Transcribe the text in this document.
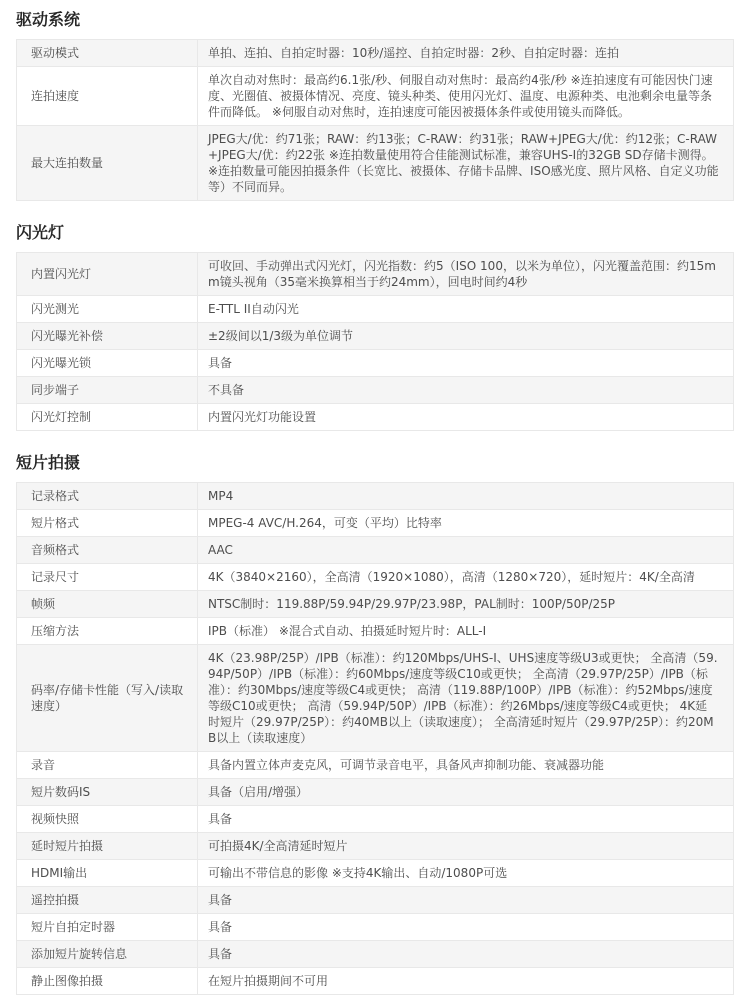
驱动系统
驱动模式	单拍、连拍、自拍定时器：10秒/遥控、自拍定时器：2秒、自拍定时器：连拍
连拍速度	单次自动对焦时：最高约6.1张/秒、伺服自动对焦时：最高约4张/秒 ※连拍速度有可能因快门速度、光圈值、被摄体情况、亮度、镜头种类、使用闪光灯、温度、电源种类、电池剩余电量等条件而降低。 ※伺服自动对焦时，连拍速度可能因被摄体条件或使用镜头而降低。
最大连拍数量	JPEG大/优：约71张；RAW：约13张；C-RAW：约31张；RAW+JPEG大/优：约12张；C-RAW+JPEG大/优：约22张 ※连拍数量使用符合佳能测试标准，兼容UHS-I的32GB SD存储卡测得。※连拍数量可能因拍摄条件（长宽比、被摄体、存储卡品牌、ISO感光度、照片风格、自定义功能等）不同而异。
闪光灯
内置闪光灯	可收回、手动弹出式闪光灯，闪光指数：约5（ISO 100，以米为单位），闪光覆盖范围：约15mm镜头视角（35毫米换算相当于约24mm），回电时间约4秒
闪光测光	E-TTL II自动闪光
闪光曝光补偿	±2级间以1/3级为单位调节
闪光曝光锁	具备
同步端子	不具备
闪光灯控制	内置闪光灯功能设置
短片拍摄
记录格式	MP4
短片格式	MPEG-4 AVC/H.264，可变（平均）比特率
音频格式	AAC
记录尺寸	4K（3840×2160），全高清（1920×1080），高清（1280×720），延时短片：4K/全高清
帧频	NTSC制时：119.88P/59.94P/29.97P/23.98P，PAL制时：100P/50P/25P
压缩方法	IPB（标准） ※混合式自动、拍摄延时短片时：ALL-I
码率/存储卡性能（写入/读取速度）	4K（23.98P/25P）/IPB（标准）：约120Mbps/UHS-I、UHS速度等级U3或更快； 全高清（59.94P/50P）/IPB（标准）：约60Mbps/速度等级C10或更快； 全高清（29.97P/25P）/IPB（标准）：约30Mbps/速度等级C4或更快； 高清（119.88P/100P）/IPB（标准）：约52Mbps/速度等级C10或更快； 高清（59.94P/50P）/IPB（标准）：约26Mbps/速度等级C4或更快； 4K延时短片（29.97P/25P）：约40MB以上（读取速度）； 全高清延时短片（29.97P/25P）：约20MB以上（读取速度）
录音	具备内置立体声麦克风，可调节录音电平，具备风声抑制功能、衰减器功能
短片数码IS	具备（启用/增强）
视频快照	具备
延时短片拍摄	可拍摄4K/全高清延时短片
HDMI输出	可输出不带信息的影像 ※支持4K输出、自动/1080P可选
遥控拍摄	具备
短片自拍定时器	具备
添加短片旋转信息	具备
静止图像拍摄	在短片拍摄期间不可用
